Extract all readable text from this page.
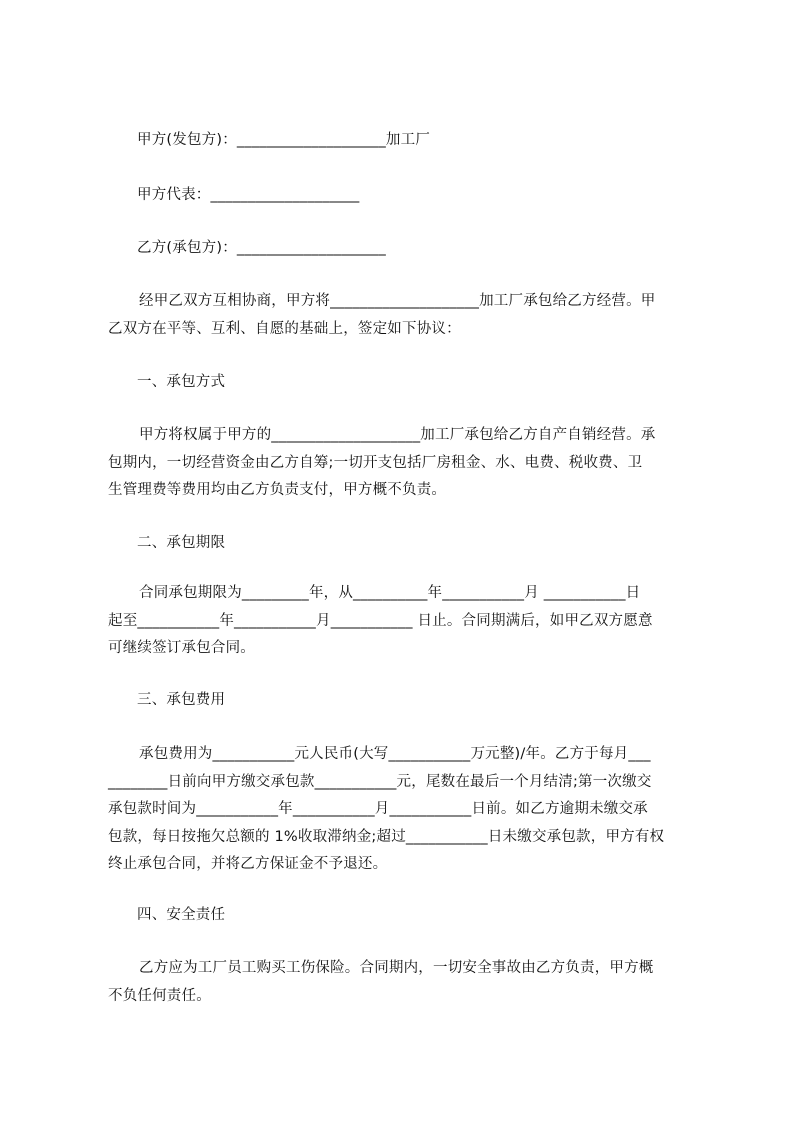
甲方(发包方)：____________________加工厂
甲方代表：____________________
乙方(承包方)：____________________
经甲乙双方互相协商，甲方将____________________加工厂承包给乙方经营。甲
乙双方在平等、互利、自愿的基础上，签定如下协议：
一、承包方式
甲方将权属于甲方的____________________加工厂承包给乙方自产自销经营。承
包期内，一切经营资金由乙方自筹;一切开支包括厂房租金、水、电费、税收费、卫
生管理费等费用均由乙方负责支付，甲方概不负责。
二、承包期限
合同承包期限为_________年，从__________年___________月 ___________日
起至___________年___________月___________ 日止。合同期满后，如甲乙双方愿意
可继续签订承包合同。
三、承包费用
承包费用为___________元人民币(大写___________万元整)/年。乙方于每月___
________日前向甲方缴交承包款___________元，尾数在最后一个月结清;第一次缴交
承包款时间为___________年___________月___________日前。如乙方逾期未缴交承
包款，每日按拖欠总额的 1%收取滞纳金;超过___________日未缴交承包款，甲方有权
终止承包合同，并将乙方保证金不予退还。
四、安全责任
乙方应为工厂员工购买工伤保险。合同期内，一切安全事故由乙方负责，甲方概
不负任何责任。
